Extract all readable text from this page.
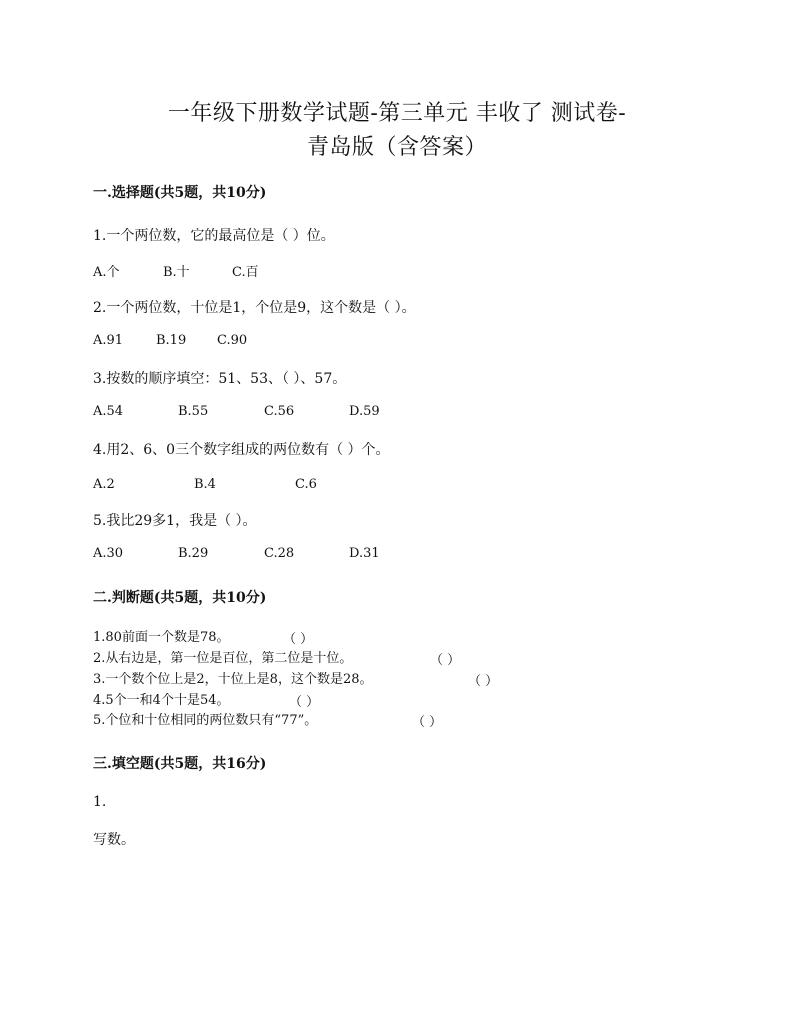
一年级下册数学试题-第三单元 丰收了 测试卷-
青岛版（含答案）
一.选择题(共5题，共10分)
1.一个两位数，它的最高位是（ ）位。
A.个	B.十	C.百
2.一个两位数，十位是1，个位是9，这个数是（ ）。
A.91	B.19 C.90
3.按数的顺序填空：51、53、（ ）、57。
A.54	B.55	C.56	D.59
4.用2、6、0三个数字组成的两位数有（ ）个。
A.2	B.4	C.6
5.我比29多1，我是（ ）。
A.30	B.29	C.28	D.31
二.判断题(共5题，共10分)
1.80前面一个数是78。	（ ）
2.从右边是，第一位是百位，第二位是十位。	（ ）
3.一个数个位上是2，十位上是8，这个数是28。	（ ）
4.5个一和4个十是54。	（ ）
5.个位和十位相同的两位数只有“77”。	（ ）
三.填空题(共5题，共16分)
1.
写数。
